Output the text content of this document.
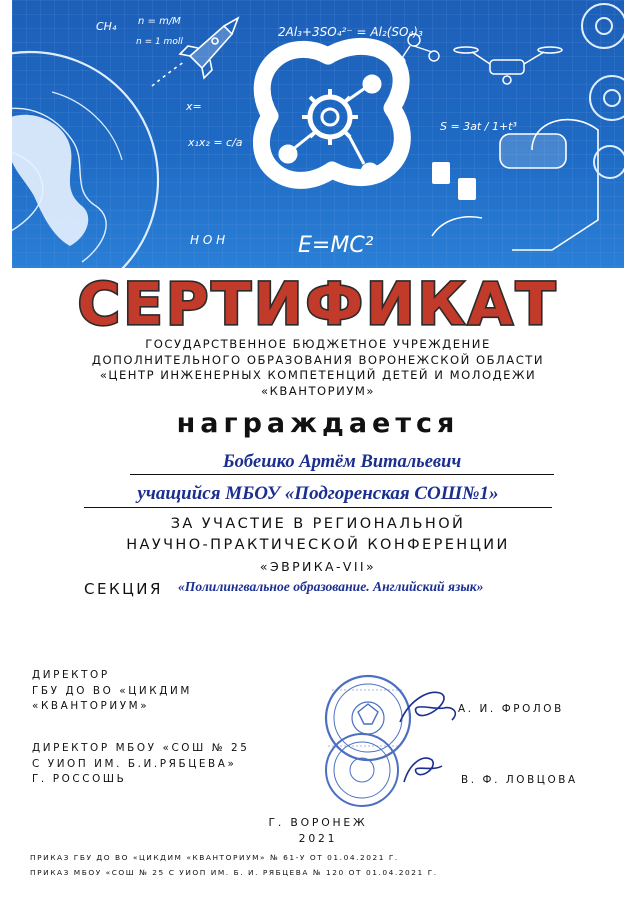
CH₄ n = m/M
n = 1 moll
2Al₃+3SO₄²⁻ = Al₂(SO₄)₃
x=
x₁x₂ = c/a
E=MC²
S = 3at / 1+t³
H O H
СЕРТИФИКАТ
ГОСУДАРСТВЕННОЕ БЮДЖЕТНОЕ УЧРЕЖДЕНИЕ
ДОПОЛНИТЕЛЬНОГО ОБРАЗОВАНИЯ ВОРОНЕЖСКОЙ ОБЛАСТИ
«ЦЕНТР ИНЖЕНЕРНЫХ КОМПЕТЕНЦИЙ ДЕТЕЙ И МОЛОДЕЖИ
«КВАНТОРИУМ»
награждается
Бобешко Артём Витальевич
учащийся МБОУ «Подгоренская СОШ№1»
ЗА УЧАСТИЕ В РЕГИОНАЛЬНОЙ
НАУЧНО-ПРАКТИЧЕСКОЙ КОНФЕРЕНЦИИ
«ЭВРИКА-VII»
СЕКЦИЯ «Полилингвальное образование. Английский язык»
ДИРЕКТОР
ГБУ ДО ВО «ЦИКДИМ
«КВАНТОРИУМ»	А. И. ФРОЛОВ
ДИРЕКТОР МБОУ «СОШ № 25
С УИОП ИМ. Б.И.РЯБЦЕВА»
Г. РОССОШЬ	В. Ф. ЛОВЦОВА
Г. ВОРОНЕЖ
2021
ПРИКАЗ ГБУ ДО ВО «ЦИКДИМ «КВАНТОРИУМ» № 61-У ОТ 01.04.2021 Г.
ПРИКАЗ МБОУ «СОШ № 25 С УИОП ИМ. Б. И. РЯБЦЕВА № 120 ОТ 01.04.2021 Г.
